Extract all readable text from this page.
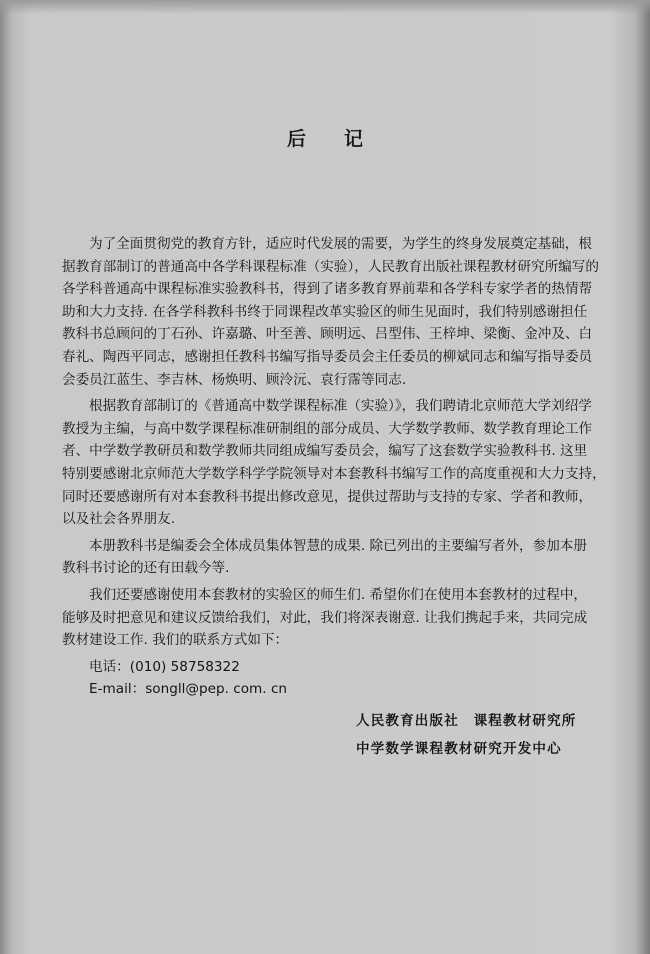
后记
为了全面贯彻党的教育方针，适应时代发展的需要，为学生的终身发展奠定基础，根
据教育部制订的普通高中各学科课程标准（实验），人民教育出版社课程教材研究所编写的
各学科普通高中课程标准实验教科书，得到了诸多教育界前辈和各学科专家学者的热情帮
助和大力支持. 在各学科教科书终于同课程改革实验区的师生见面时，我们特别感谢担任
教科书总顾问的丁石孙、许嘉璐、叶至善、顾明远、吕型伟、王梓坤、梁衡、金冲及、白
春礼、陶西平同志，感谢担任教科书编写指导委员会主任委员的柳斌同志和编写指导委员
会委员江蓝生、李吉林、杨焕明、顾泠沅、袁行霈等同志.
根据教育部制订的《普通高中数学课程标准（实验）》，我们聘请北京师范大学刘绍学
教授为主编，与高中数学课程标准研制组的部分成员、大学数学教师、数学教育理论工作
者、中学数学教研员和数学教师共同组成编写委员会，编写了这套数学实验教科书. 这里
特别要感谢北京师范大学数学科学学院领导对本套教科书编写工作的高度重视和大力支持，
同时还要感谢所有对本套教科书提出修改意见，提供过帮助与支持的专家、学者和教师，
以及社会各界朋友.
本册教科书是编委会全体成员集体智慧的成果. 除已列出的主要编写者外，参加本册
教科书讨论的还有田载今等.
我们还要感谢使用本套教材的实验区的师生们. 希望你们在使用本套教材的过程中，
能够及时把意见和建议反馈给我们，对此，我们将深表谢意. 让我们携起手来，共同完成
教材建设工作. 我们的联系方式如下：
电话：(010) 58758322
E-mail：songll@pep. com. cn
人民教育出版社　课程教材研究所
中学数学课程教材研究开发中心
